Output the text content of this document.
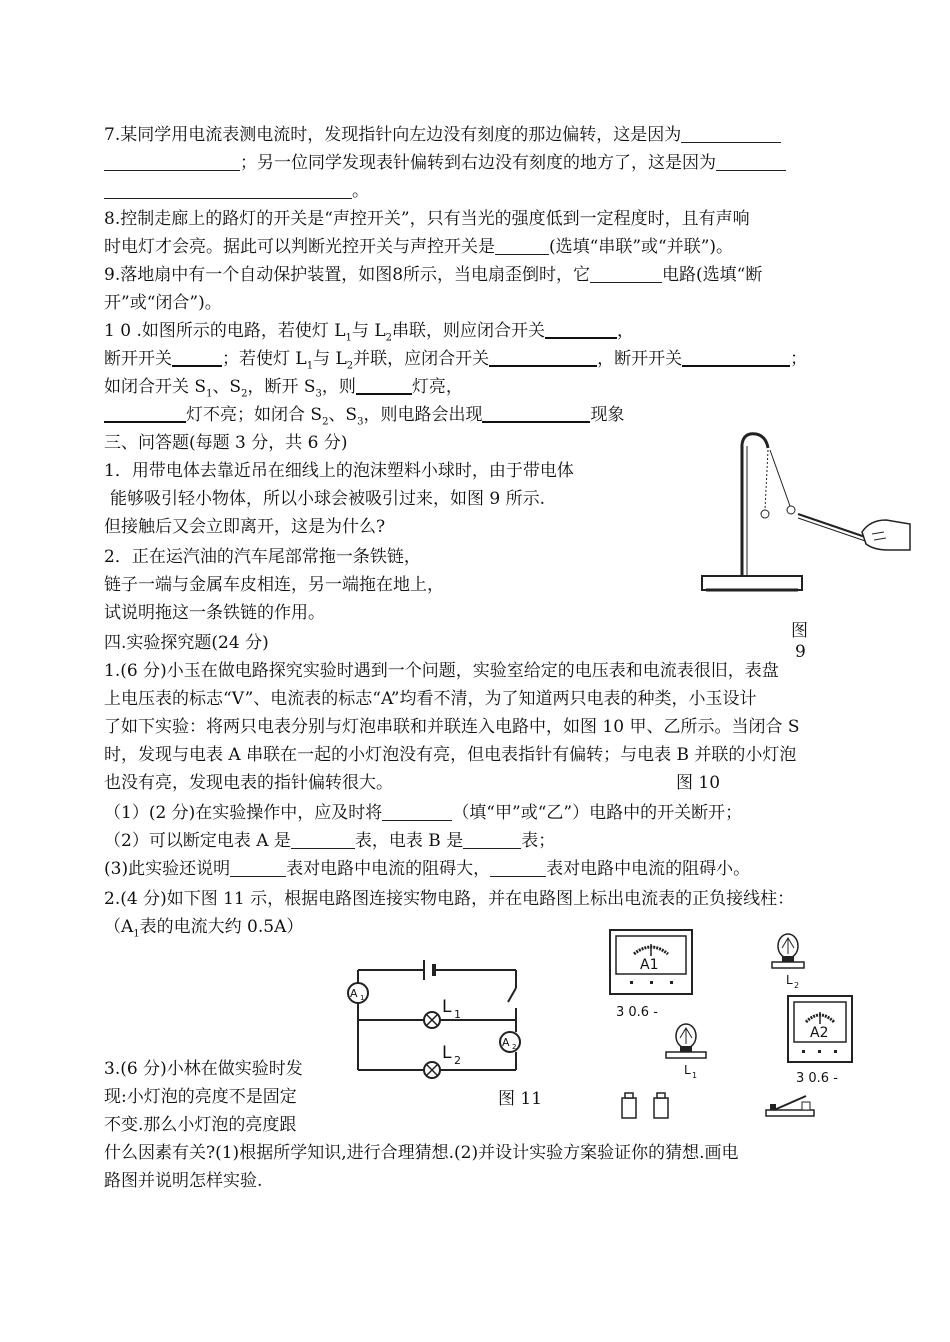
7.某同学用电流表测电流时，发现指针向左边没有刻度的那边偏转，这是因为
；另一位同学发现表针偏转到右边没有刻度的地方了，这是因为
。
8.控制走廊上的路灯的开关是“声控开关”，只有当光的强度低到一定程度时，且有声响
时电灯才会亮。据此可以判断光控开关与声控开关是	(选填“串联”或“并联”)。
9.落地扇中有一个自动保护装置，如图8所示，当电扇歪倒时，它	电路(选填“断
开”或“闭合”)。
1 0 .如图所示的电路，若使灯 $L_1$与 $L_2$串联，则应闭合开关	，
断开开关	；若使灯 $L_1$与 $L_2$并联，应闭合开关	，断开开关	；
如闭合开关 $S_1$、$S_2$，断开 $S_3$，则	灯亮，
灯不亮；如闭合 $S_2$、$S_3$，则电路会出现	现象
三、问答题(每题 3 分，共 6 分)
1．用带电体去靠近吊在细线上的泡沫塑料小球时，由于带电体
能够吸引轻小物体，所以小球会被吸引过来，如图 9 所示.
但接触后又会立即离开，这是为什么?
2．正在运汽油的汽车尾部常拖一条铁链，
链子一端与金属车皮相连，另一端拖在地上，
试说明拖这一条铁链的作用。
图
9
四.实验探究题(24 分)
1.(6 分)小玉在做电路探究实验时遇到一个问题，实验室给定的电压表和电流表很旧，表盘
上电压表的标志“V”、电流表的标志“A”均看不清，为了知道两只电表的种类，小玉设计
了如下实验：将两只电表分别与灯泡串联和并联连入电路中，如图 10 甲、乙所示。当闭合 S
时，发现与电表 A 串联在一起的小灯泡没有亮，但电表指针有偏转；与电表 B 并联的小灯泡
也没有亮，发现电表的指针偏转很大。	图 10
（1）(2 分)在实验操作中，应及时将	（填“甲”或“乙”）电路中的开关断开；
（2）可以断定电表 A 是	表，电表 B 是	表；
(3)此实验还说明	表对电路中电流的阻碍大，	表对电路中电流的阻碍小。
2.(4 分)如下图 11 示，根据电路图连接实物电路，并在电路图上标出电流表的正负接线柱：
（$A_1$表的电流大约 0.5A）
A 1
A 2
L 1
L 2
图 11
A1
3 0.6 -
L 2
A2
3 0.6 -
L 1
3.(6 分)小林在做实验时发
现:小灯泡的亮度不是固定
不变.那么小灯泡的亮度跟
什么因素有关?(1)根据所学知识,进行合理猜想.(2)并设计实验方案验证你的猜想.画电
路图并说明怎样实验.
